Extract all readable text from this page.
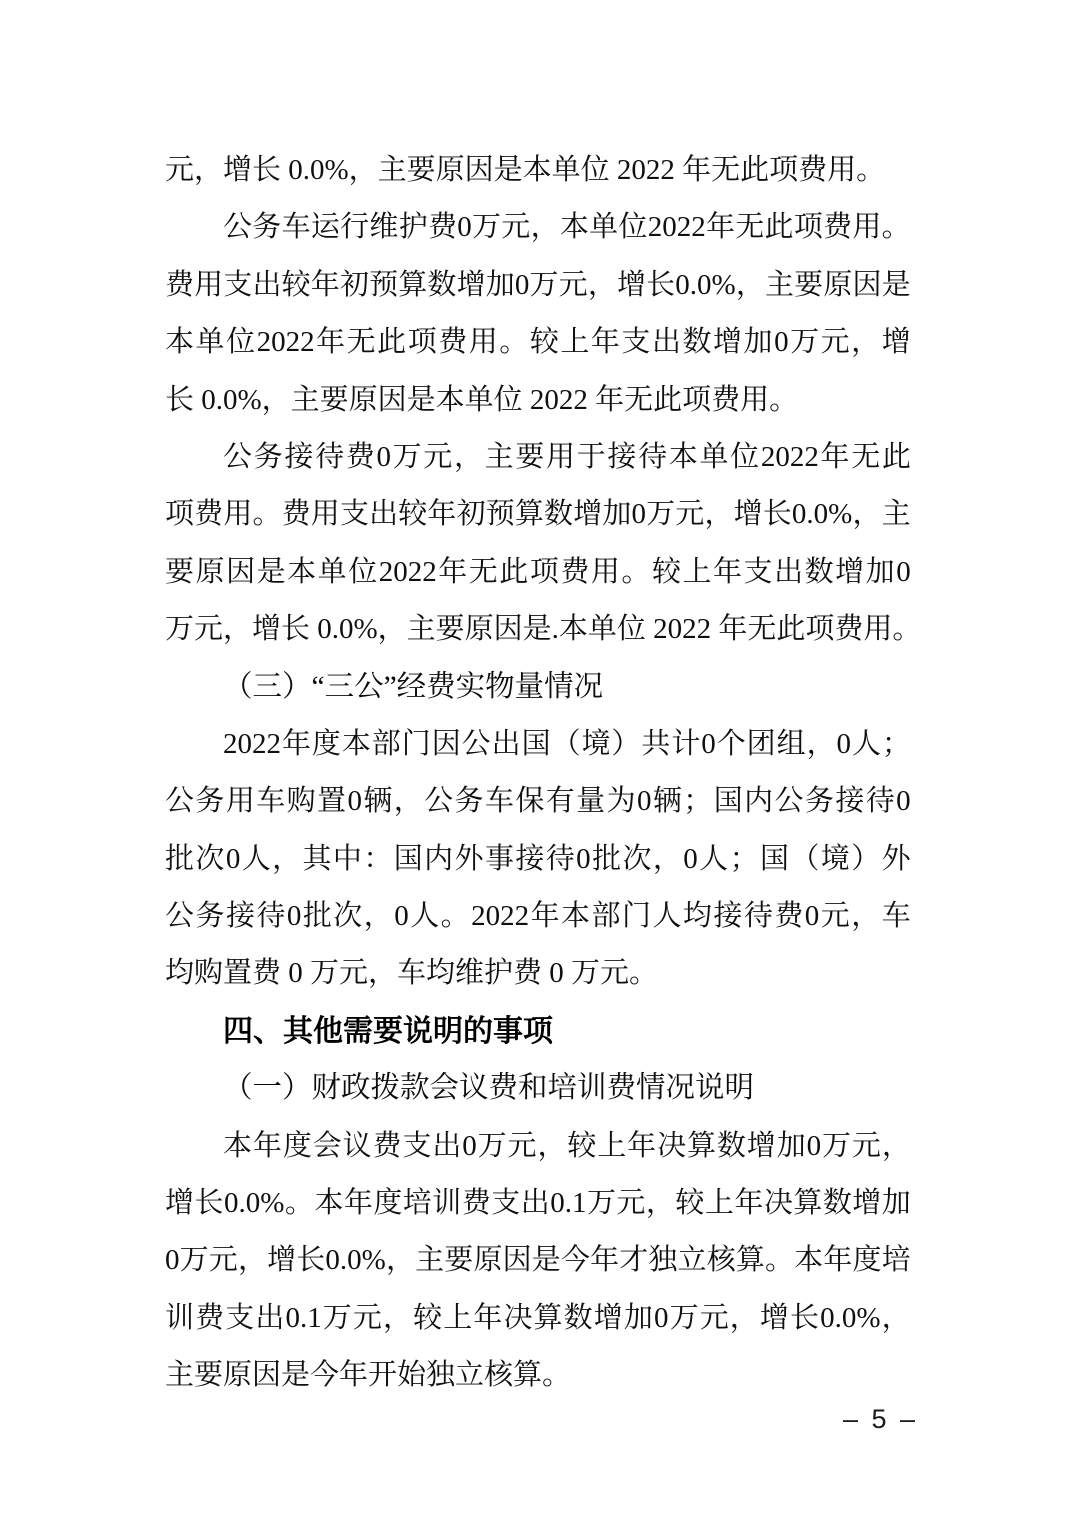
元，增长 0.0%，主要原因是本单位 2022 年无此项费用。
公 务 车 运 行 维 护 费 0 万 元 ， 本 单 位 2022 年 无 此 项 费 用 。
费 用 支 出 较 年 初 预 算 数 增 加 0 万 元 ， 增 长 0.0% ， 主 要 原 因 是
本 单 位 2022 年 无 此 项 费 用 。 较 上 年 支 出 数 增 加 0 万 元 ， 增
长 0.0%，主要原因是本单位 2022 年无此项费用。
公 务 接 待 费 0 万 元 ， 主 要 用 于 接 待 本 单 位 2022 年 无 此
项 费 用 。 费 用 支 出 较 年 初 预 算 数 增 加 0 万 元 ， 增 长 0.0% ， 主
要 原 因 是 本 单 位 2022 年 无 此 项 费 用 。 较 上 年 支 出 数 增 加 0
万元，增长 0.0%，主要原因是.本单位 2022 年无此项费用。
（三）“三公”经费实物量情况
2022 年 度 本 部 门 因 公 出 国 （ 境 ） 共 计 0 个 团 组 ， 0 人 ；
公 务 用 车 购 置 0 辆 ， 公 务 车 保 有 量 为 0 辆 ； 国 内 公 务 接 待 0
批 次 0 人 ， 其 中 ： 国 内 外 事 接 待 0 批 次 ， 0 人 ； 国 （ 境 ） 外
公 务 接 待 0 批 次 ， 0 人 。 2022 年 本 部 门 人 均 接 待 费 0 元 ， 车
均购置费 0 万元，车均维护费 0 万元。
四、其他需要说明的事项
（一）财政拨款会议费和培训费情况说明
本 年 度 会 议 费 支 出 0 万 元 ， 较 上 年 决 算 数 增 加 0 万 元 ，
增 长 0.0% 。 本 年 度 培 训 费 支 出 0.1 万 元 ， 较 上 年 决 算 数 增 加
0 万 元 ， 增 长 0.0% ， 主 要 原 因 是 今 年 才 独 立 核 算 。 本 年 度 培
训 费 支 出 0.1 万 元 ， 较 上 年 决 算 数 增 加 0 万 元 ， 增 长 0.0% ，
主要原因是今年开始独立核算。
– 5 –
